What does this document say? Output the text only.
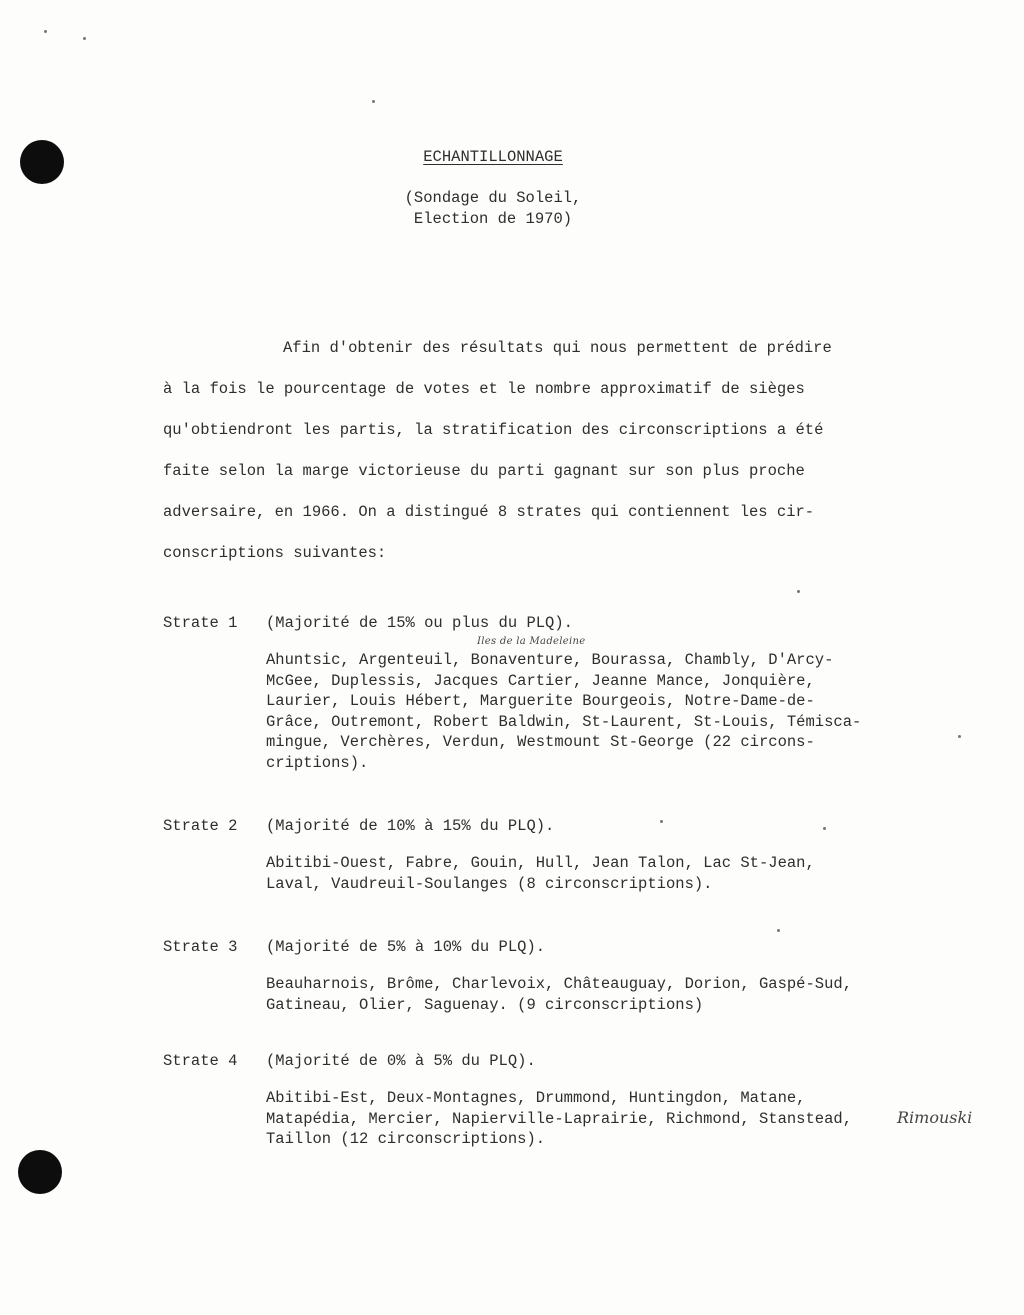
ECHANTILLONNAGE
(Sondage du Soleil,
Election de 1970)

Afin d'obtenir des résultats qui nous permettent de prédire
à la fois le pourcentage de votes et le nombre approximatif de sièges
qu'obtiendront les partis, la stratification des circonscriptions a été
faite selon la marge victorieuse du parti gagnant sur son plus proche
adversaire, en 1966. On a distingué 8 strates qui contiennent les cir-
conscriptions suivantes:

Strate 1 (Majorité de 15% ou plus du PLQ).
Ahuntsic, Argenteuil, Bonaventure, Bourassa, Chambly, D'Arcy-
McGee, Duplessis, Jacques Cartier, Jeanne Mance, Jonquière,
Laurier, Louis Hébert, Marguerite Bourgeois, Notre-Dame-de-
Grâce, Outremont, Robert Baldwin, St-Laurent, St-Louis, Témisca-
mingue, Verchères, Verdun, Westmount St-George (22 circons-
criptions).
Iles de la Madeleine
Strate 2 (Majorité de 10% à 15% du PLQ).
Abitibi-Ouest, Fabre, Gouin, Hull, Jean Talon, Lac St-Jean,
Laval, Vaudreuil-Soulanges (8 circonscriptions).
Strate 3 (Majorité de 5% à 10% du PLQ).
Beauharnois, Brôme, Charlevoix, Châteauguay, Dorion, Gaspé-Sud,
Gatineau, Olier, Saguenay. (9 circonscriptions)
Strate 4 (Majorité de 0% à 5% du PLQ).
Abitibi-Est, Deux-Montagnes, Drummond, Huntingdon, Matane,
Matapédia, Mercier, Napierville-Laprairie, Richmond, Stanstead,
Taillon (12 circonscriptions).
Rimouski
